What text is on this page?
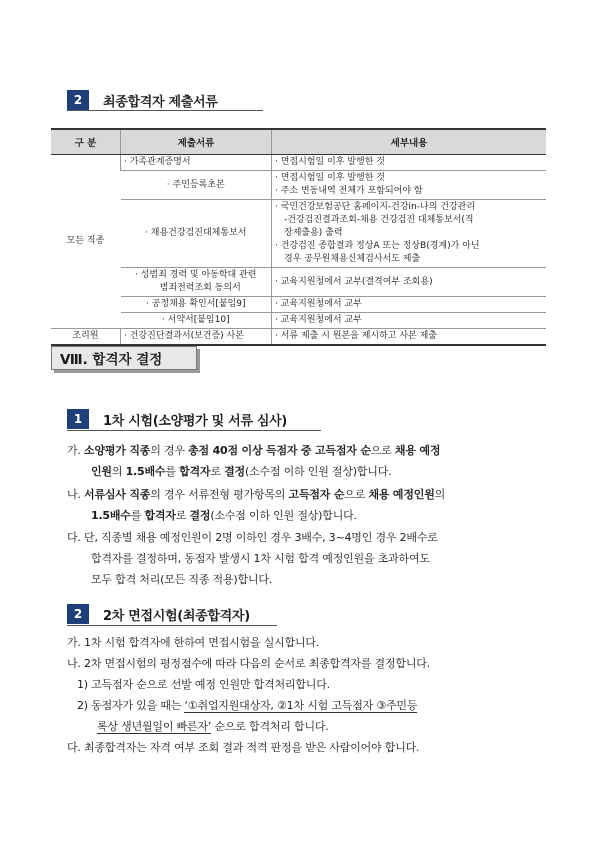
2	최종합격자 제출서류
구 분	제출서류	세부내용
모든 직종	· 가족관계증명서	· 면접시험일 이후 발행한 것

	· 주민등록초본	· 면접시험일 이후 발행한 것
· 주소 변동내역 전체가 포함되어야 함

	· 채용건강검진대체통보서	· 국민건강보험공단 홈페이지-건강in-나의 건강관리
-건강검진결과조회-채용 건강검진 대체통보서(직
장제출용) 출력
· 건강검진 종합결과 정상A 또는 정상B(경계)가 아닌
경우 공무원채용신체검사서도 제출

	· 성범죄 경력 및 아동학대 관련
범죄전력조회 동의서	· 교육지원청에서 교부(결격여부 조회용)

	· 공정채용 확인서[붙임9]	· 교육지원청에서 교부

	· 서약서[붙임10]	· 교육지원청에서 교부

조리원	· 건강진단결과서(보건증) 사본	· 서류 제출 시 원본을 제시하고 사본 제출
Ⅷ. 합격자 결정
1	1차 시험(소양평가 및 서류 심사)
가. 소양평가 직종의 경우 총점 40점 이상 득점자 중 고득점자 순으로 채용 예정
인원의 1.5배수를 합격자로 결정(소수점 이하 인원 절상)합니다.
나. 서류심사 직종의 경우 서류전형 평가항목의 고득점자 순으로 채용 예정인원의
1.5배수를 합격자로 결정(소수점 이하 인원 절상)합니다.
다. 단, 직종별 채용 예정인원이 2명 이하인 경우 3배수, 3~4명인 경우 2배수로
합격자를 결정하며, 동점자 발생시 1차 시험 합격 예정인원을 초과하여도
모두 합격 처리(모든 직종 적용)합니다.
2	2차 면접시험(최종합격자)
가. 1차 시험 합격자에 한하여 면접시험을 실시합니다.
나. 2차 면접시험의 평정점수에 따라 다음의 순서로 최종합격자를 결정합니다.
1) 고득점자 순으로 선발 예정 인원만 합격처리합니다.
2) 동점자가 있을 때는 ‘①취업지원대상자, ②1차 시험 고득점자 ③주민등
록상 생년월일이 빠른자’ 순으로 합격처리 합니다.
다. 최종합격자는 자격 여부 조회 결과 적격 판정을 받은 사람이어야 합니다.
